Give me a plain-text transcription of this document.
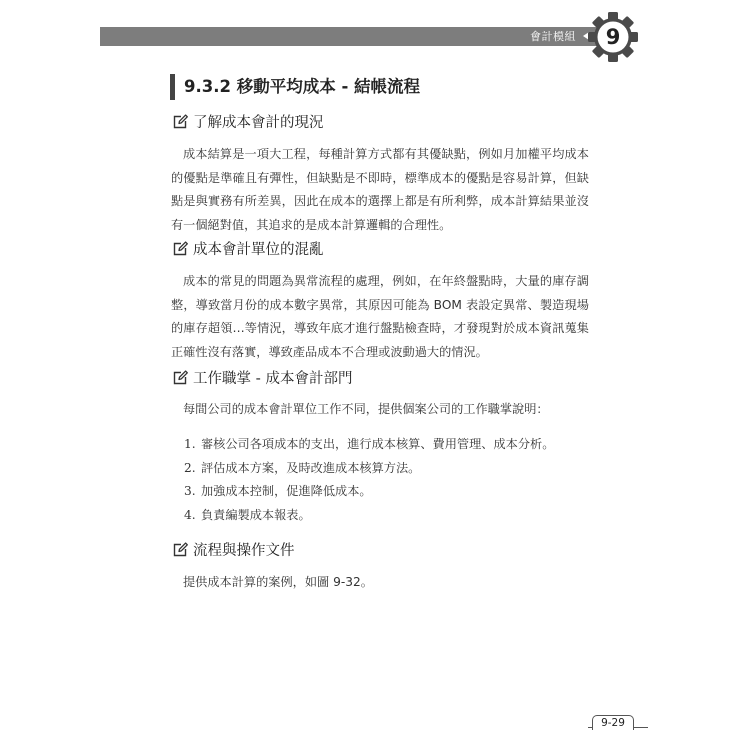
會計模組	9
9.3.2 移動平均成本 - 結帳流程
了解成本會計的現況
成本結算是一項大工程，每種計算方式都有其優缺點，例如月加權平均成本
的優點是準確且有彈性，但缺點是不即時，標準成本的優點是容易計算，但缺
點是與實務有所差異，因此在成本的選擇上都是有所利弊，成本計算結果並沒
有一個絕對值，其追求的是成本計算邏輯的合理性。
成本會計單位的混亂
成本的常見的問題為異常流程的處理，例如，在年終盤點時，大量的庫存調
整，導致當月份的成本數字異常，其原因可能為 BOM 表設定異常、製造現場
的庫存超領…等情況，導致年底才進行盤點檢查時，才發現對於成本資訊蒐集
正確性沒有落實，導致產品成本不合理或波動過大的情況。
工作職掌 - 成本會計部門
每間公司的成本會計單位工作不同，提供個案公司的工作職掌說明：
1. 審核公司各項成本的支出，進行成本核算、費用管理、成本分析。
2. 評估成本方案，及時改進成本核算方法。
3. 加強成本控制，促進降低成本。
4. 負責編製成本報表。
流程與操作文件
提供成本計算的案例，如圖 9-32。
9-29
